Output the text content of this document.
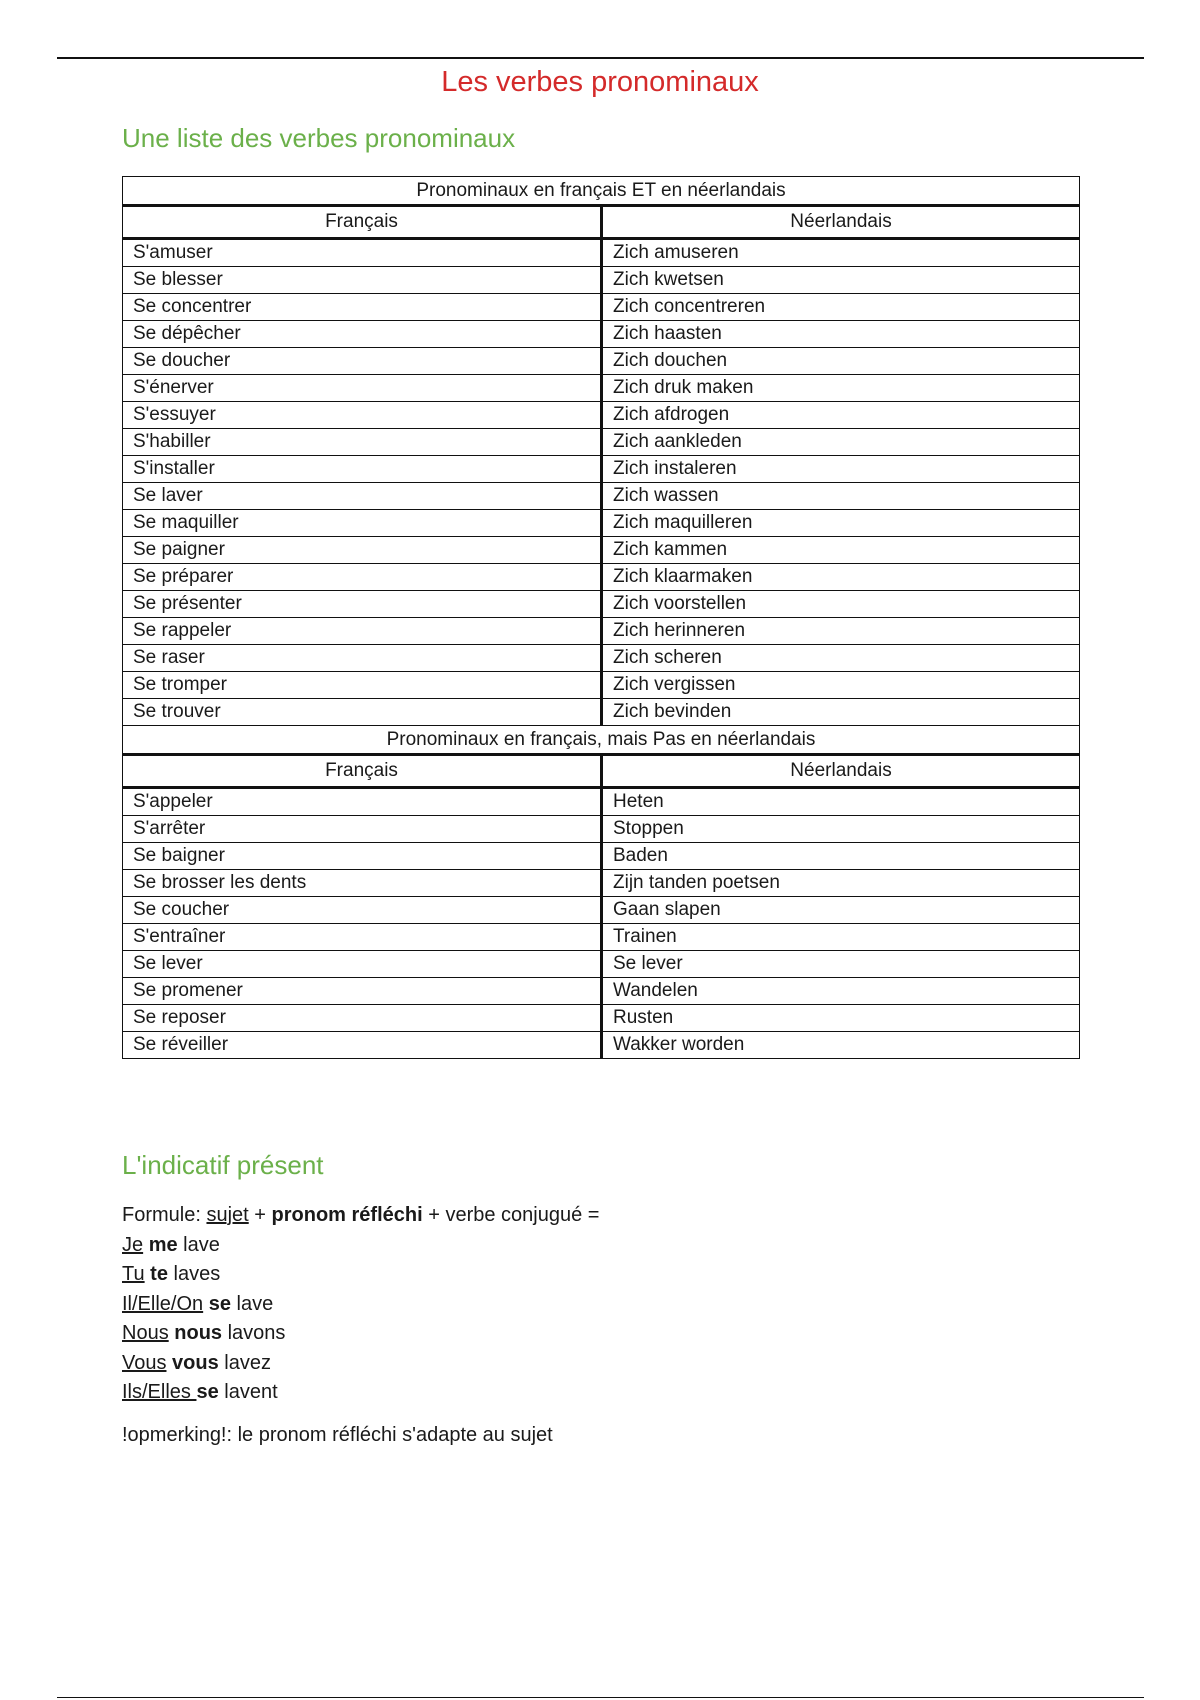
Les verbes pronominaux
Une liste des verbes pronominaux
Pronominaux en français ET en néerlandais	
Français	Néerlandais
S'amuser	Zich amuseren
Se blesser	Zich kwetsen
Se concentrer	Zich concentreren
Se dépêcher	Zich haasten
Se doucher	Zich douchen
S'énerver	Zich druk maken
S'essuyer	Zich afdrogen
S'habiller	Zich aankleden
S'installer	Zich instaleren
Se laver	Zich wassen
Se maquiller	Zich maquilleren
Se paigner	Zich kammen
Se préparer	Zich klaarmaken
Se présenter	Zich voorstellen
Se rappeler	Zich herinneren
Se raser	Zich scheren
Se tromper	Zich vergissen
Se trouver	Zich bevinden
Pronominaux en français, mais Pas en néerlandais	
Français	Néerlandais
S'appeler	Heten
S'arrêter	Stoppen
Se baigner	Baden
Se brosser les dents	Zijn tanden poetsen
Se coucher	Gaan slapen
S'entraîner	Trainen
Se lever	Se lever
Se promener	Wandelen
Se reposer	Rusten
Se réveiller	Wakker worden
L'indicatif présent
Formule: sujet + pronom réfléchi + verbe conjugué =
Je me lave
Tu te laves
Il/Elle/On se lave
Nous nous lavons
Vous vous lavez
Ils/Elles se lavent
!opmerking!: le pronom réfléchi s'adapte au sujet
